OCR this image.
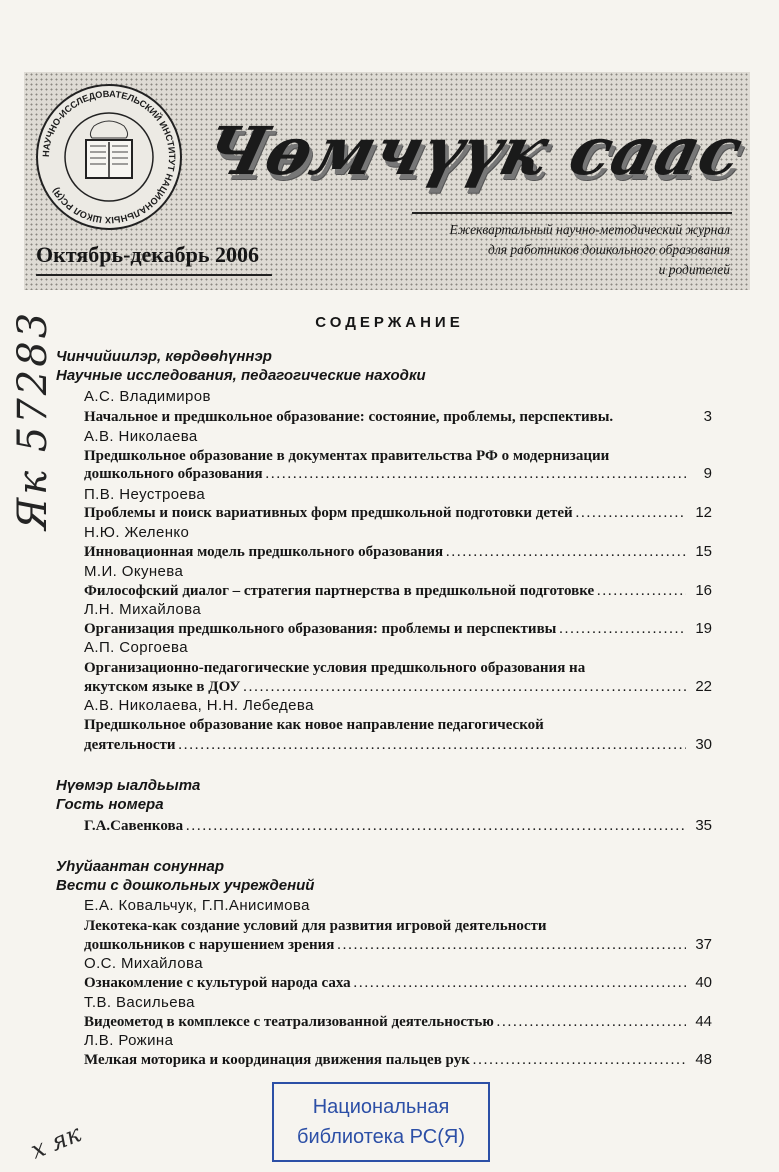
НАУЧНО-ИССЛЕДОВАТЕЛЬСКИЙ ИНСТИТУТ НАЦИОНАЛЬНЫХ ШКОЛ РС(Я)	Чөмчүүк саас
Ежеквартальный научно-методический журнал
для работников дошкольного образования
и родителей
Октябрь-декабрь 2006
СОДЕРЖАНИЕ
Чинчийиилэр, көрдөөһүннэр
Научные исследования, педагогические находки
А.С. Владимиров
Начальное и предшкольное образование: состояние, проблемы, перспективы.	3
А.В. Николаева
Предшкольное образование в документах правительства РФ о модернизации
дошкольного образования . . .	9
П.В. Неустроева
Проблемы и поиск вариативных форм предшкольной подготовки детей . . .	12
Н.Ю. Желенко
Инновационная модель предшкольного образования . . .	15
М.И. Окунева
Философский диалог – стратегия партнерства в предшкольной подготовке . . .	16
Л.Н. Михайлова
Организация предшкольного образования: проблемы и перспективы . . .	19
А.П. Соргоева
Организационно-педагогические условия предшкольного образования на
якутском языке в ДОУ . . .	22
А.В. Николаева, Н.Н. Лебедева
Предшкольное образование как новое направление педагогической
деятельности . . .	30
Нүөмэр ыалдьыта
Гость номера
Г.А.Савенкова . . .	35
Уһуйаантан сонуннар
Вести с дошкольных учреждений
Е.А. Ковальчук, Г.П.Анисимова
Лекотека-как создание условий для развития игровой деятельности
дошкольников с нарушением зрения . . .	37
О.С. Михайлова
Ознакомление с культурой народа саха . . .	40
Т.В. Васильева
Видеометод в комплексе с театрализованной деятельностью . . .	44
Л.В. Рожина
Мелкая моторика и координация движения пальцев рук . . .	48
Як 57283
х як
Национальная
библиотека РС(Я)
